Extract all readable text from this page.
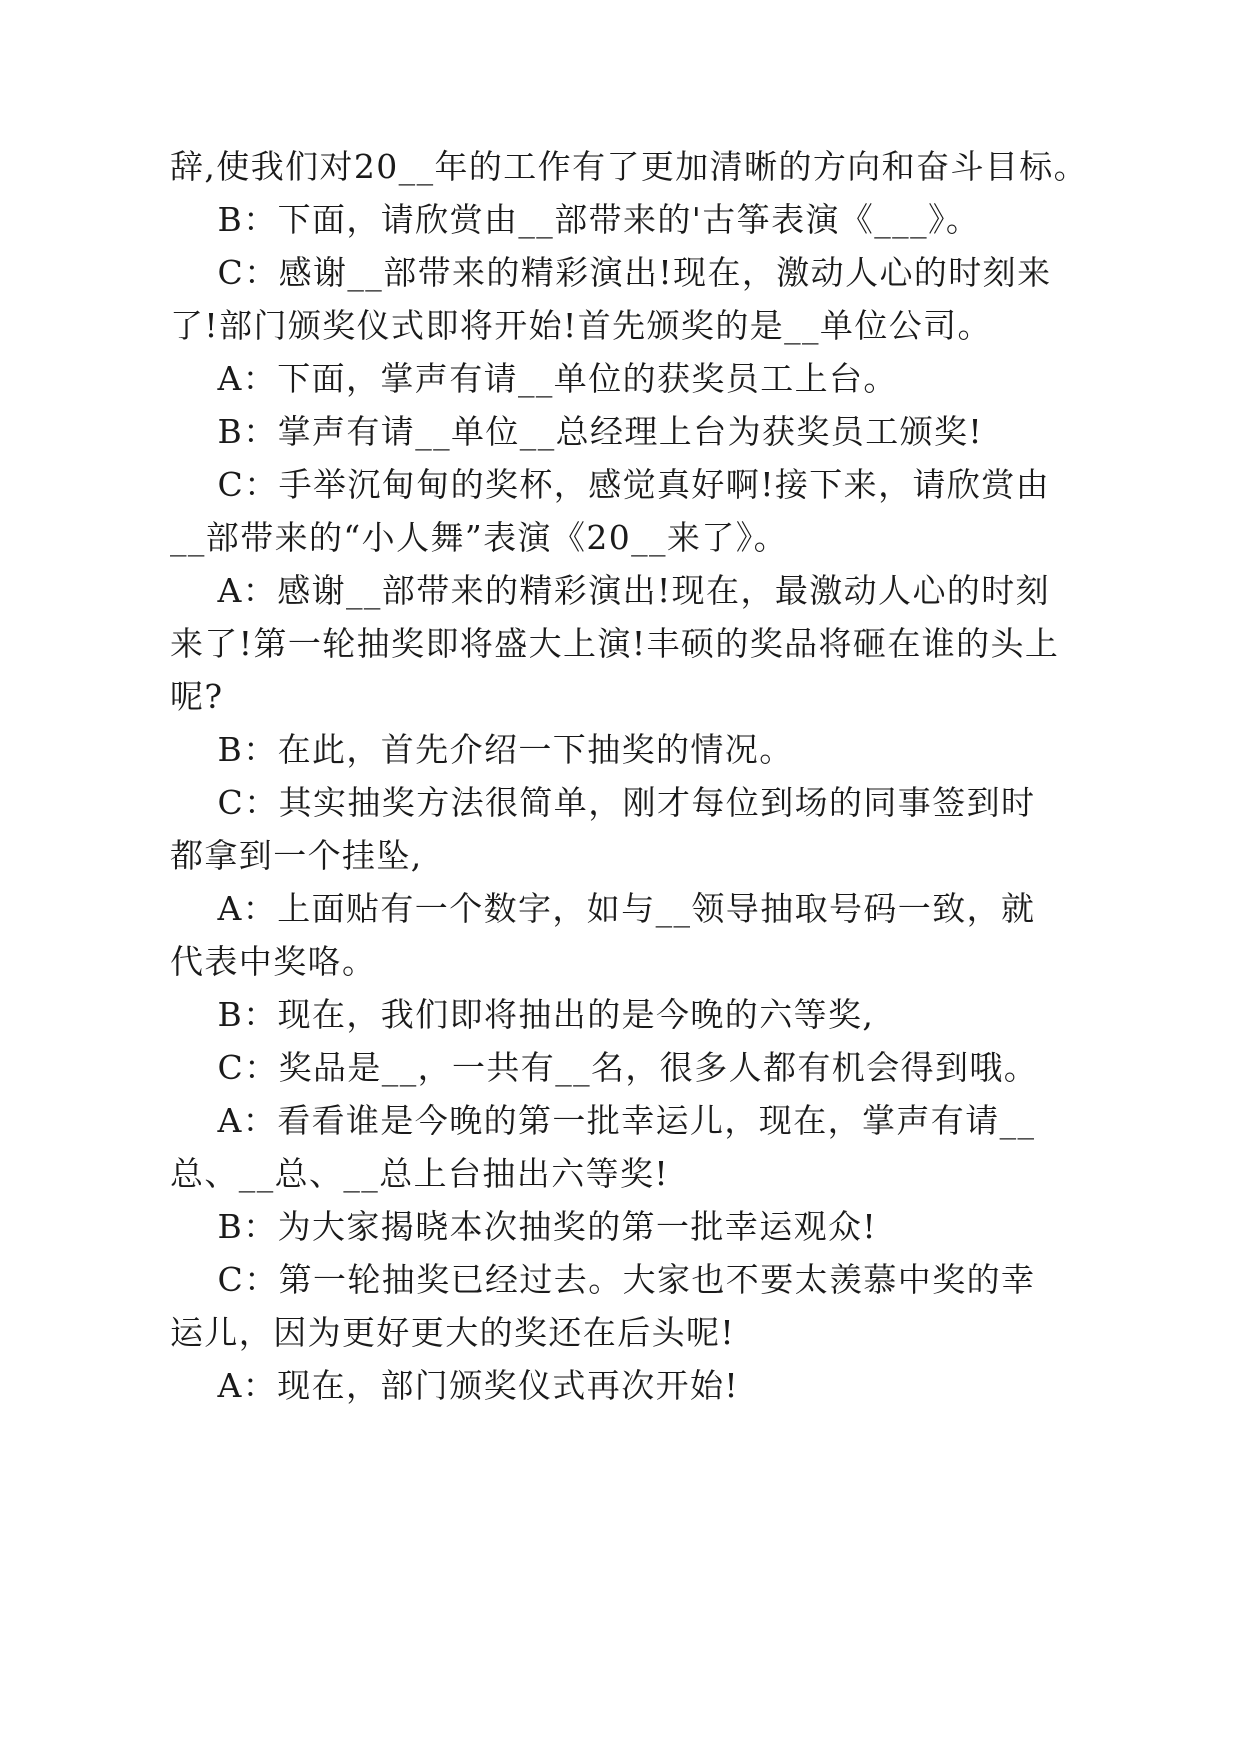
辞,使我们对20__年的工作有了更加清晰的方向和奋斗目标。
B：下面，请欣赏由__部带来的'古筝表演《___》。
C：感谢__部带来的精彩演出!现在，激动人心的时刻来
了!部门颁奖仪式即将开始!首先颁奖的是__单位公司。
A：下面，掌声有请__单位的获奖员工上台。
B：掌声有请__单位__总经理上台为获奖员工颁奖!
C：手举沉甸甸的奖杯，感觉真好啊!接下来，请欣赏由
__部带来的“小人舞”表演《20__来了》。
A：感谢__部带来的精彩演出!现在，最激动人心的时刻
来了!第一轮抽奖即将盛大上演!丰硕的奖品将砸在谁的头上
呢?
B：在此，首先介绍一下抽奖的情况。
C：其实抽奖方法很简单，刚才每位到场的同事签到时
都拿到一个挂坠,
A：上面贴有一个数字，如与__领导抽取号码一致，就
代表中奖咯。
B：现在，我们即将抽出的是今晚的六等奖,
C：奖品是__，一共有__名，很多人都有机会得到哦。
A：看看谁是今晚的第一批幸运儿，现在，掌声有请__
总、__总、__总上台抽出六等奖!
B：为大家揭晓本次抽奖的第一批幸运观众!
C：第一轮抽奖已经过去。大家也不要太羡慕中奖的幸
运儿，因为更好更大的奖还在后头呢!
A：现在，部门颁奖仪式再次开始!
